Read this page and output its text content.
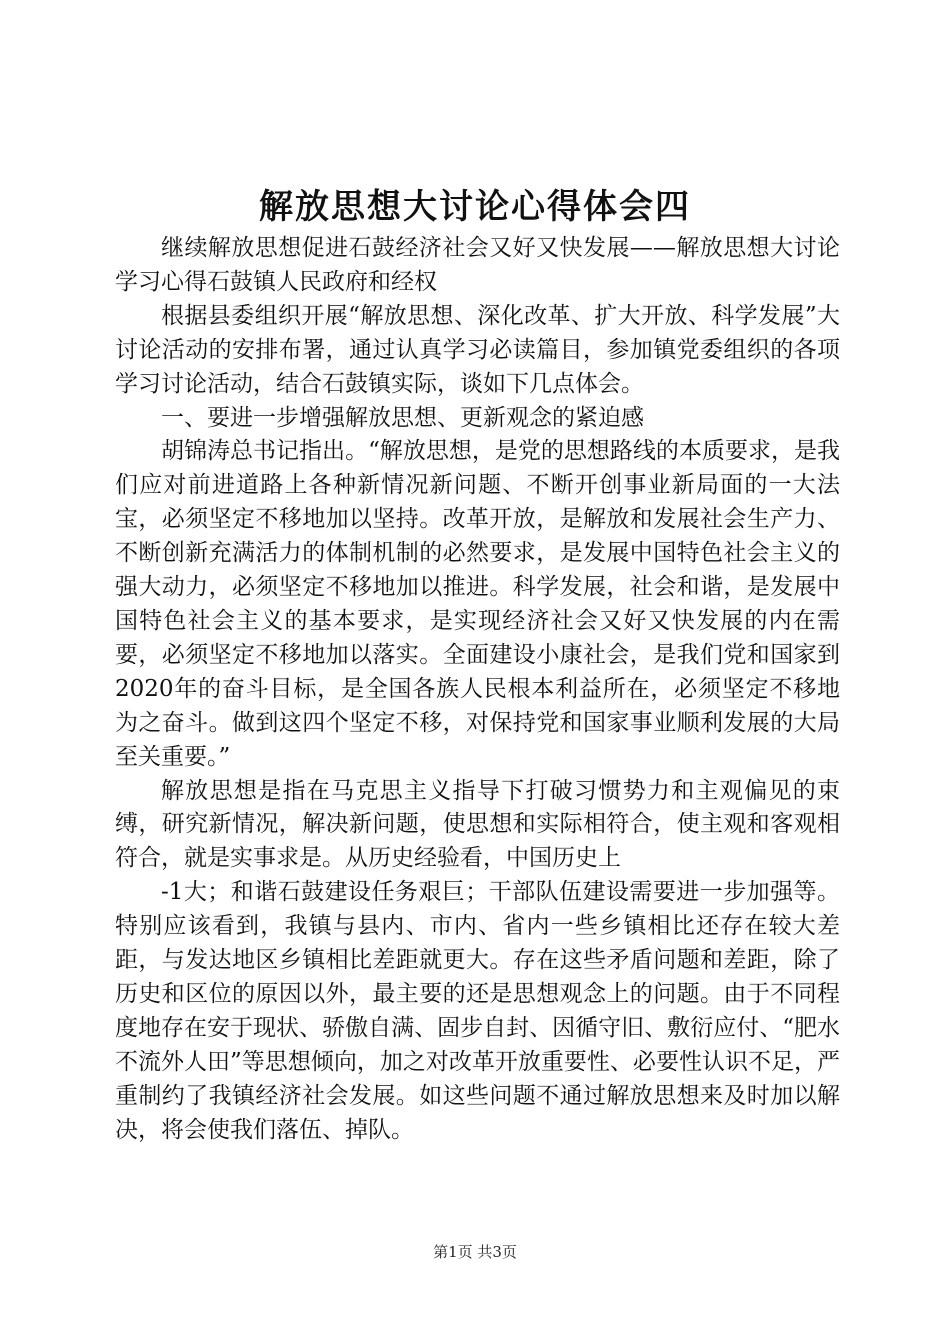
解放思想大讨论心得体会四

继续解放思想促进石鼓经济社会又好又快发展——解放思想大讨论学习心得石鼓镇人民政府和经权

根据县委组织开展“解放思想、深化改革、扩大开放、科学发展”大讨论活动的安排布署，通过认真学习必读篇目，参加镇党委组织的各项学习讨论活动，结合石鼓镇实际，谈如下几点体会。

一、要进一步增强解放思想、更新观念的紧迫感

胡锦涛总书记指出。“解放思想，是党的思想路线的本质要求，是我们应对前进道路上各种新情况新问题、不断开创事业新局面的一大法宝，必须坚定不移地加以坚持。改革开放，是解放和发展社会生产力、不断创新充满活力的体制机制的必然要求，是发展中国特色社会主义的强大动力，必须坚定不移地加以推进。科学发展，社会和谐，是发展中国特色社会主义的基本要求，是实现经济社会又好又快发展的内在需要，必须坚定不移地加以落实。全面建设小康社会，是我们党和国家到2020年的奋斗目标，是全国各族人民根本利益所在，必须坚定不移地为之奋斗。做到这四个坚定不移，对保持党和国家事业顺利发展的大局至关重要。”

解放思想是指在马克思主义指导下打破习惯势力和主观偏见的束缚，研究新情况，解决新问题，使思想和实际相符合，使主观和客观相符合，就是实事求是。从历史经验看，中国历史上

-1大；和谐石鼓建设任务艰巨；干部队伍建设需要进一步加强等。特别应该看到，我镇与县内、市内、省内一些乡镇相比还存在较大差距，与发达地区乡镇相比差距就更大。存在这些矛盾问题和差距，除了历史和区位的原因以外，最主要的还是思想观念上的问题。由于不同程度地存在安于现状、骄傲自满、固步自封、因循守旧、敷衍应付、“肥水不流外人田”等思想倾向，加之对改革开放重要性、必要性认识不足，严重制约了我镇经济社会发展。如这些问题不通过解放思想来及时加以解决，将会使我们落伍、掉队。

第1页 共3页
